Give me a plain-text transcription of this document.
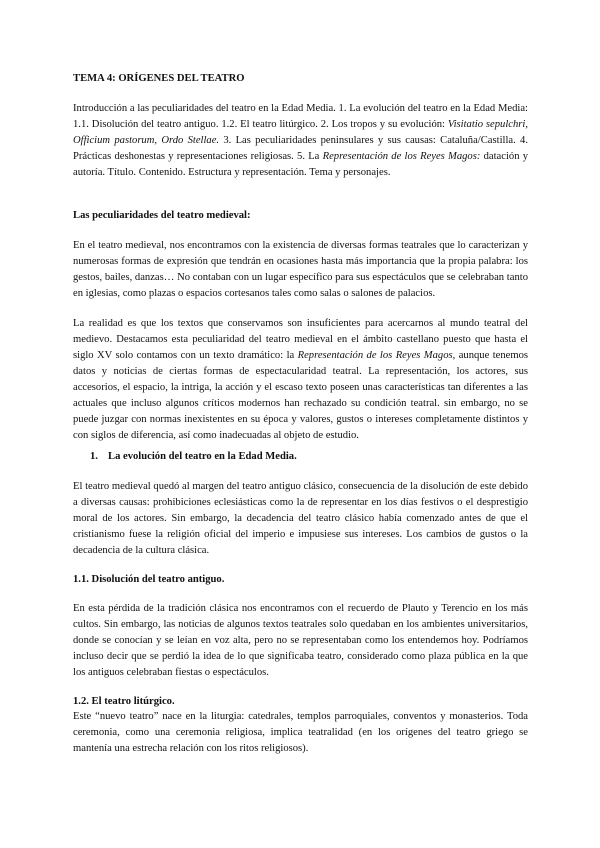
TEMA 4: ORÍGENES DEL TEATRO

Introducción a las peculiaridades del teatro en la Edad Media. 1. La evolución del teatro en la Edad Media: 1.1. Disolución del teatro antiguo. 1.2. El teatro litúrgico. 2. Los tropos y su evolución: Visitatio sepulchri, Officium pastorum, Ordo Stellae. 3. Las peculiaridades peninsulares y sus causas: Cataluña/Castilla. 4. Prácticas deshonestas y representaciones religiosas. 5. La Representación de los Reyes Magos: datación y autoría. Título. Contenido. Estructura y representación. Tema y personajes.

Las peculiaridades del teatro medieval:

En el teatro medieval, nos encontramos con la existencia de diversas formas teatrales que lo caracterizan y numerosas formas de expresión que tendrán en ocasiones hasta más importancia que la propia palabra: los gestos, bailes, danzas… No contaban con un lugar específico para sus espectáculos que se celebraban tanto en iglesias, como plazas o espacios cortesanos tales como salas o salones de palacios.

La realidad es que los textos que conservamos son insuficientes para acercarnos al mundo teatral del medievo. Destacamos esta peculiaridad del teatro medieval en el ámbito castellano puesto que hasta el siglo XV solo contamos con un texto dramático: la Representación de los Reyes Magos, aunque tenemos datos y noticias de ciertas formas de espectacularidad teatral. La representación, los actores, sus accesorios, el espacio, la intriga, la acción y el escaso texto poseen unas características tan diferentes a las actuales que incluso algunos críticos modernos han rechazado su condición teatral. sin embargo, no se puede juzgar con normas inexistentes en su época y valores, gustos o intereses completamente distintos y con siglos de diferencia, así como inadecuadas al objeto de estudio.

1. La evolución del teatro en la Edad Media.

El teatro medieval quedó al margen del teatro antiguo clásico, consecuencia de la disolución de este debido a diversas causas: prohibiciones eclesiásticas como la de representar en los días festivos o el desprestigio moral de los actores. Sin embargo, la decadencia del teatro clásico había comenzado antes de que el cristianismo fuese la religión oficial del imperio e impusiese sus intereses. Los cambios de gustos o la decadencia de la cultura clásica.

1.1. Disolución del teatro antiguo.

En esta pérdida de la tradición clásica nos encontramos con el recuerdo de Plauto y Terencio en los más cultos. Sin embargo, las noticias de algunos textos teatrales solo quedaban en los ambientes universitarios, donde se conocían y se leían en voz alta, pero no se representaban como los entendemos hoy. Podríamos incluso decir que se perdió la idea de lo que significaba teatro, considerado como plaza pública en la que los antiguos celebraban fiestas o espectáculos.

1.2. El teatro litúrgico.

Este “nuevo teatro” nace en la liturgia: catedrales, templos parroquiales, conventos y monasterios. Toda ceremonia, como una ceremonia religiosa, implica teatralidad (en los orígenes del teatro griego se mantenía una estrecha relación con los ritos religiosos).
